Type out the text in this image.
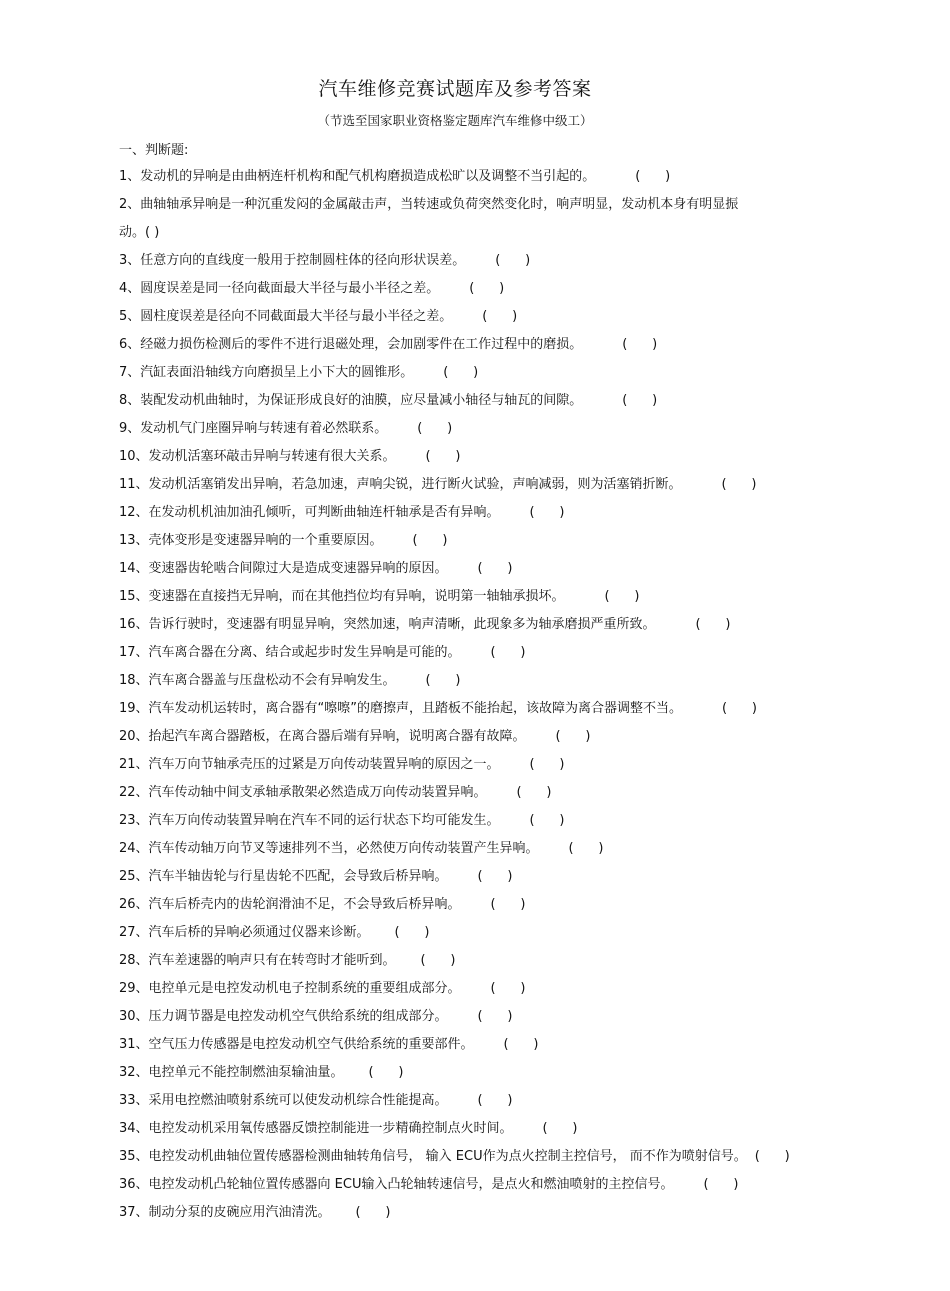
汽车维修竞赛试题库及参考答案
（节选至国家职业资格鉴定题库汽车维修中级工）
一、判断题:
1、发动机的异响是由曲柄连杆机构和配气机构磨损造成松旷以及调整不当引起的。	(      )
2、曲轴轴承异响是一种沉重发闷的金属敲击声，当转速或负荷突然变化时，响声明显，发动机本身有明显振
动。( )
3、任意方向的直线度一般用于控制圆柱体的径向形状误差。 (      )
4、圆度误差是同一径向截面最大半径与最小半径之差。 (      )
5、圆柱度误差是径向不同截面最大半径与最小半径之差。 (      )
6、经磁力损伤检测后的零件不进行退磁处理，会加剧零件在工作过程中的磨损。	(      )
7、汽缸表面沿轴线方向磨损呈上小下大的圆锥形。 (      )
8、装配发动机曲轴时，为保证形成良好的油膜，应尽量减小轴径与轴瓦的间隙。	(      )
9、发动机气门座圈异响与转速有着必然联系。 (      )
10、发动机活塞环敲击异响与转速有很大关系。 (      )
11、发动机活塞销发出异响，若急加速，声响尖锐，进行断火试验，声响减弱，则为活塞销折断。	(      )
12、在发动机机油加油孔倾听，可判断曲轴连杆轴承是否有异响。 (      )
13、壳体变形是变速器异响的一个重要原因。 (      )
14、变速器齿轮啮合间隙过大是造成变速器异响的原因。 (      )
15、变速器在直接挡无异响，而在其他挡位均有异响，说明第一轴轴承损坏。	(      )
16、告诉行驶时，变速器有明显异响，突然加速，响声清晰，此现象多为轴承磨损严重所致。	(      )
17、汽车离合器在分离、结合或起步时发生异响是可能的。 (      )
18、汽车离合器盖与压盘松动不会有异响发生。 (      )
19、汽车发动机运转时，离合器有“嚓嚓”的磨擦声，且踏板不能抬起，该故障为离合器调整不当。	(      )
20、抬起汽车离合器踏板，在离合器后端有异响，说明离合器有故障。 (      )
21、汽车万向节轴承壳压的过紧是万向传动装置异响的原因之一。 (      )
22、汽车传动轴中间支承轴承散架必然造成万向传动装置异响。 (      )
23、汽车万向传动装置异响在汽车不同的运行状态下均可能发生。 (      )
24、汽车传动轴万向节叉等速排列不当，必然使万向传动装置产生异响。 (      )
25、汽车半轴齿轮与行星齿轮不匹配，会导致后桥异响。 (      )
26、汽车后桥壳内的齿轮润滑油不足，不会导致后桥异响。 (      )
27、汽车后桥的异响必须通过仪器来诊断。 (      )
28、汽车差速器的响声只有在转弯时才能听到。 (      )
29、电控单元是电控发动机电子控制系统的重要组成部分。 (      )
30、压力调节器是电控发动机空气供给系统的组成部分。 (      )
31、空气压力传感器是电控发动机空气供给系统的重要部件。 (      )
32、电控单元不能控制燃油泵输油量。 (      )
33、采用电控燃油喷射系统可以使发动机综合性能提高。 (      )
34、电控发动机采用氧传感器反馈控制能进一步精确控制点火时间。 (      )
35、电控发动机曲轴位置传感器检测曲轴转角信号， 输入 ECU作为点火控制主控信号， 而不作为喷射信号。 (      )
36、电控发动机凸轮轴位置传感器向 ECU输入凸轮轴转速信号，是点火和燃油喷射的主控信号。 (      )
37、制动分泵的皮碗应用汽油清洗。 (      )
